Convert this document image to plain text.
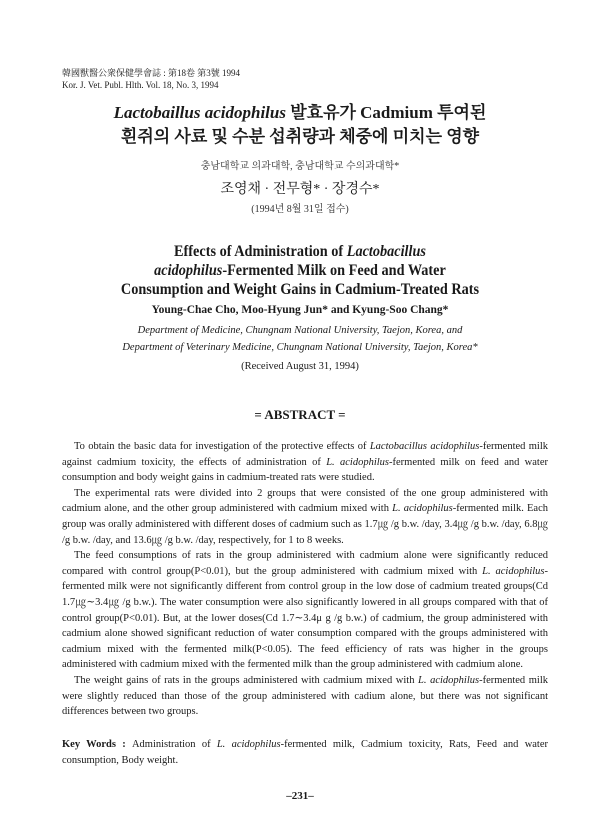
韓國獸醫公衆保健學會誌 : 第18卷 第3號 1994
Kor. J. Vet. Publ. Hlth. Vol. 18, No. 3, 1994
Lactobaillus acidophilus 발효유가 Cadmium 투여된
흰쥐의 사료 및 수분 섭취량과 체중에 미치는 영향
충남대학교 의과대학, 충남대학교 수의과대학*
조영채 · 전무형* · 장경수*
(1994년 8월 31일 접수)
Effects of Administration of Lactobacillus
acidophilus-Fermented Milk on Feed and Water
Consumption and Weight Gains in Cadmium-Treated Rats
Young-Chae Cho, Moo-Hyung Jun* and Kyung-Soo Chang*
Department of Medicine, Chungnam National University, Taejon, Korea, and
Department of Veterinary Medicine, Chungnam National University, Taejon, Korea*
(Received August 31, 1994)
= ABSTRACT =

To obtain the basic data for investigation of the protective effects of Lactobacillus acidophilus-fermented milk against cadmium toxicity, the effects of administration of L. acidophilus-fermented milk on feed and water consumption and body weight gains in cadmium-treated rats were studied.

The experimental rats were divided into 2 groups that were consisted of the one group administered with cadmium alone, and the other group administered with cadmium mixed with L. acidophilus-fermented milk. Each group was orally administered with different doses of cadmium such as 1.7㎍ /g b.w. /day, 3.4㎍ /g b.w. /day, 6.8㎍ /g b.w. /day, and 13.6㎍ /g b.w. /day, respectively, for 1 to 8 weeks.

The feed consumptions of rats in the group administered with cadmium alone were significantly reduced compared with control group(P<0.01), but the group administered with cadmium mixed with L. acidophilus-fermented milk were not significantly different from control group in the low dose of cadmium treated groups(Cd 1.7㎍∼3.4㎍ /g b.w.). The water consumption were also significantly lowered in all groups compared with that of control group(P<0.01). But, at the lower doses(Cd 1.7∼3.4μ g /g b.w.) of cadmium, the group administered with cadmium alone showed significant reduction of water consumption compared with the groups administered with cadmium mixed with the fermented milk(P<0.05). The feed efficiency of rats was higher in the groups administered with cadmium mixed with the fermented milk than the group administered with cadmium alone.

The weight gains of rats in the groups administered with cadmium mixed with L. acidophilus-fermented milk were slightly reduced than those of the group administered with cadium alone, but there was not significant differences between two groups.

Key Words : Administration of L. acidophilus-fermented milk, Cadmium toxicity, Rats, Feed and water consumption, Body weight.
–231–
